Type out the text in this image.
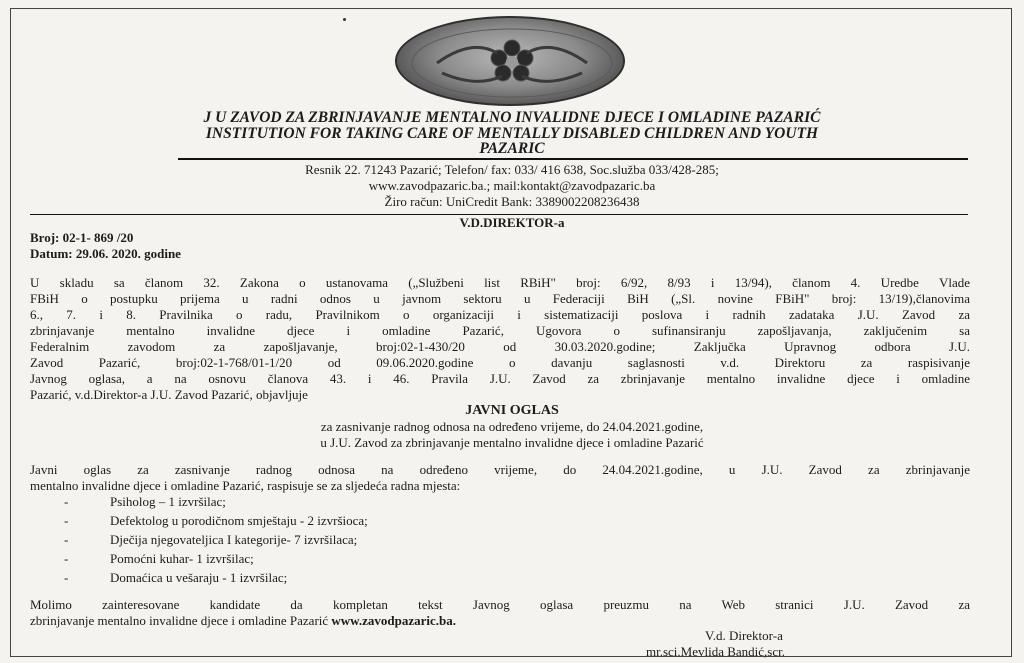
J U ZAVOD ZA ZBRINJAVANJE MENTALNO INVALIDNE DJECE I OMLADINE PAZARIĆ
INSTITUTION FOR TAKING CARE OF MENTALLY DISABLED CHILDREN AND YOUTH
PAZARIC
Resnik 22. 71243 Pazarić; Telefon/ fax: 033/ 416 638, Soc.služba 033/428-285;
www.zavodpazaric.ba.; mail:kontakt@zavodpazaric.ba
Žiro račun: UniCredit Bank: 3389002208236438
V.D.DIREKTOR-a
Broj: 02-1- 869 /20
Datum: 29.06. 2020. godine
U skladu sa članom 32. Zakona o ustanovama („Službeni list RBiH" broj: 6/92, 8/93 i 13/94), članom 4. Uredbe Vlade
FBiH o postupku prijema u radni odnos u javnom sektoru u Federaciji BiH („Sl. novine FBiH" broj: 13/19),članovima
6., 7. i 8. Pravilnika o radu, Pravilnikom o organizaciji i sistematizaciji poslova i radnih zadataka J.U. Zavod za
zbrinjavanje mentalno invalidne djece i omladine Pazarić, Ugovora o sufinansiranju zapošljavanja, zaključenim sa
Federalnim zavodom za zapošljavanje, broj:02-1-430/20 od 30.03.2020.godine; Zaključka Upravnog odbora J.U.
Zavod Pazarić, broj:02-1-768/01-1/20 od 09.06.2020.godine o davanju saglasnosti v.d. Direktoru za raspisivanje
Javnog oglasa, a na osnovu članova 43. i 46. Pravila J.U. Zavod za zbrinjavanje mentalno invalidne djece i omladine
Pazarić, v.d.Direktor-a J.U. Zavod Pazarić, objavljuje
JAVNI OGLAS
za zasnivanje radnog odnosa na određeno vrijeme, do 24.04.2021.godine,
u J.U. Zavod za zbrinjavanje mentalno invalidne djece i omladine Pazarić
Javni oglas za zasnivanje radnog odnosa na određeno vrijeme, do 24.04.2021.godine, u J.U. Zavod za zbrinjavanje
mentalno invalidne djece i omladine Pazarić, raspisuje se za sljedeća radna mjesta:
-	Psiholog – 1 izvršilac;
-	Defektolog u porodičnom smještaju - 2 izvršioca;
-	Dječija njegovateljica I kategorije- 7 izvršilaca;
-	Pomoćni kuhar- 1 izvršilac;
-	Domaćica u vešaraju - 1 izvršilac;
Molimo zainteresovane kandidate da kompletan tekst Javnog oglasa preuzmu na Web stranici J.U. Zavod za
zbrinjavanje mentalno invalidne djece i omladine Pazarić www.zavodpazaric.ba.
V.d. Direktor-a
mr.sci.Mevlida Bandić,scr.
